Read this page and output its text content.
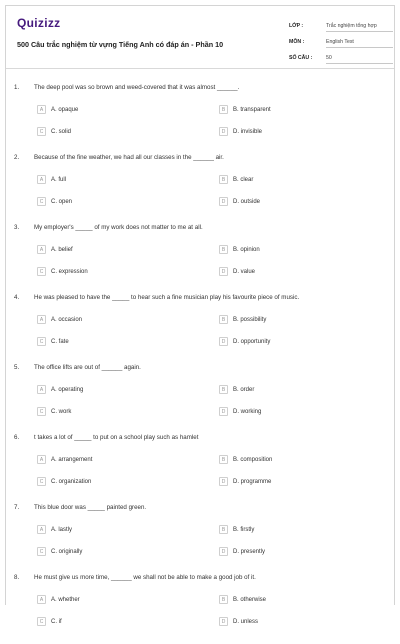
Quizizz
500 Câu trắc nghiệm từ vựng Tiếng Anh có đáp án - Phần 10
LỚP :	Trắc nghiệm tổng hợp
MÔN :	English Test
SỐ CÂU :	50
1. The deep pool was so brown and weed-covered that it was almost ______.
A	A. opaque	B	B. transparent
C	C. solid	D	D. invisible
2. Because of the fine weather, we had all our classes in the ______ air.
A	A. full	B	B. clear
C	C. open	D	D. outside
3. My employer's _____ of my work does not matter to me at all.
A	A. belief	B	B. opinion
C	C. expression	D	D. value
4. He was pleased to have the _____ to hear such a fine musician play his favourite piece of music.
A	A. occasion	B	B. possibility
C	C. fate	D	D. opportunity
5. The office lifts are out of ______ again.
A	A. operating	B	B. order
C	C. work	D	D. working
6. t takes a lot of _____ to put on a school play such as hamlet
A	A. arrangement	B	B. composition
C	C. organization	D	D. programme
7. This blue door was _____ painted green.
A	A. lastly	B	B. firstly
C	C. originally	D	D. presently
8. He must give us more time, ______ we shall not be able to make a good job of it.
A	A. whether	B	B. otherwise
C	C. if	D	D. unless
